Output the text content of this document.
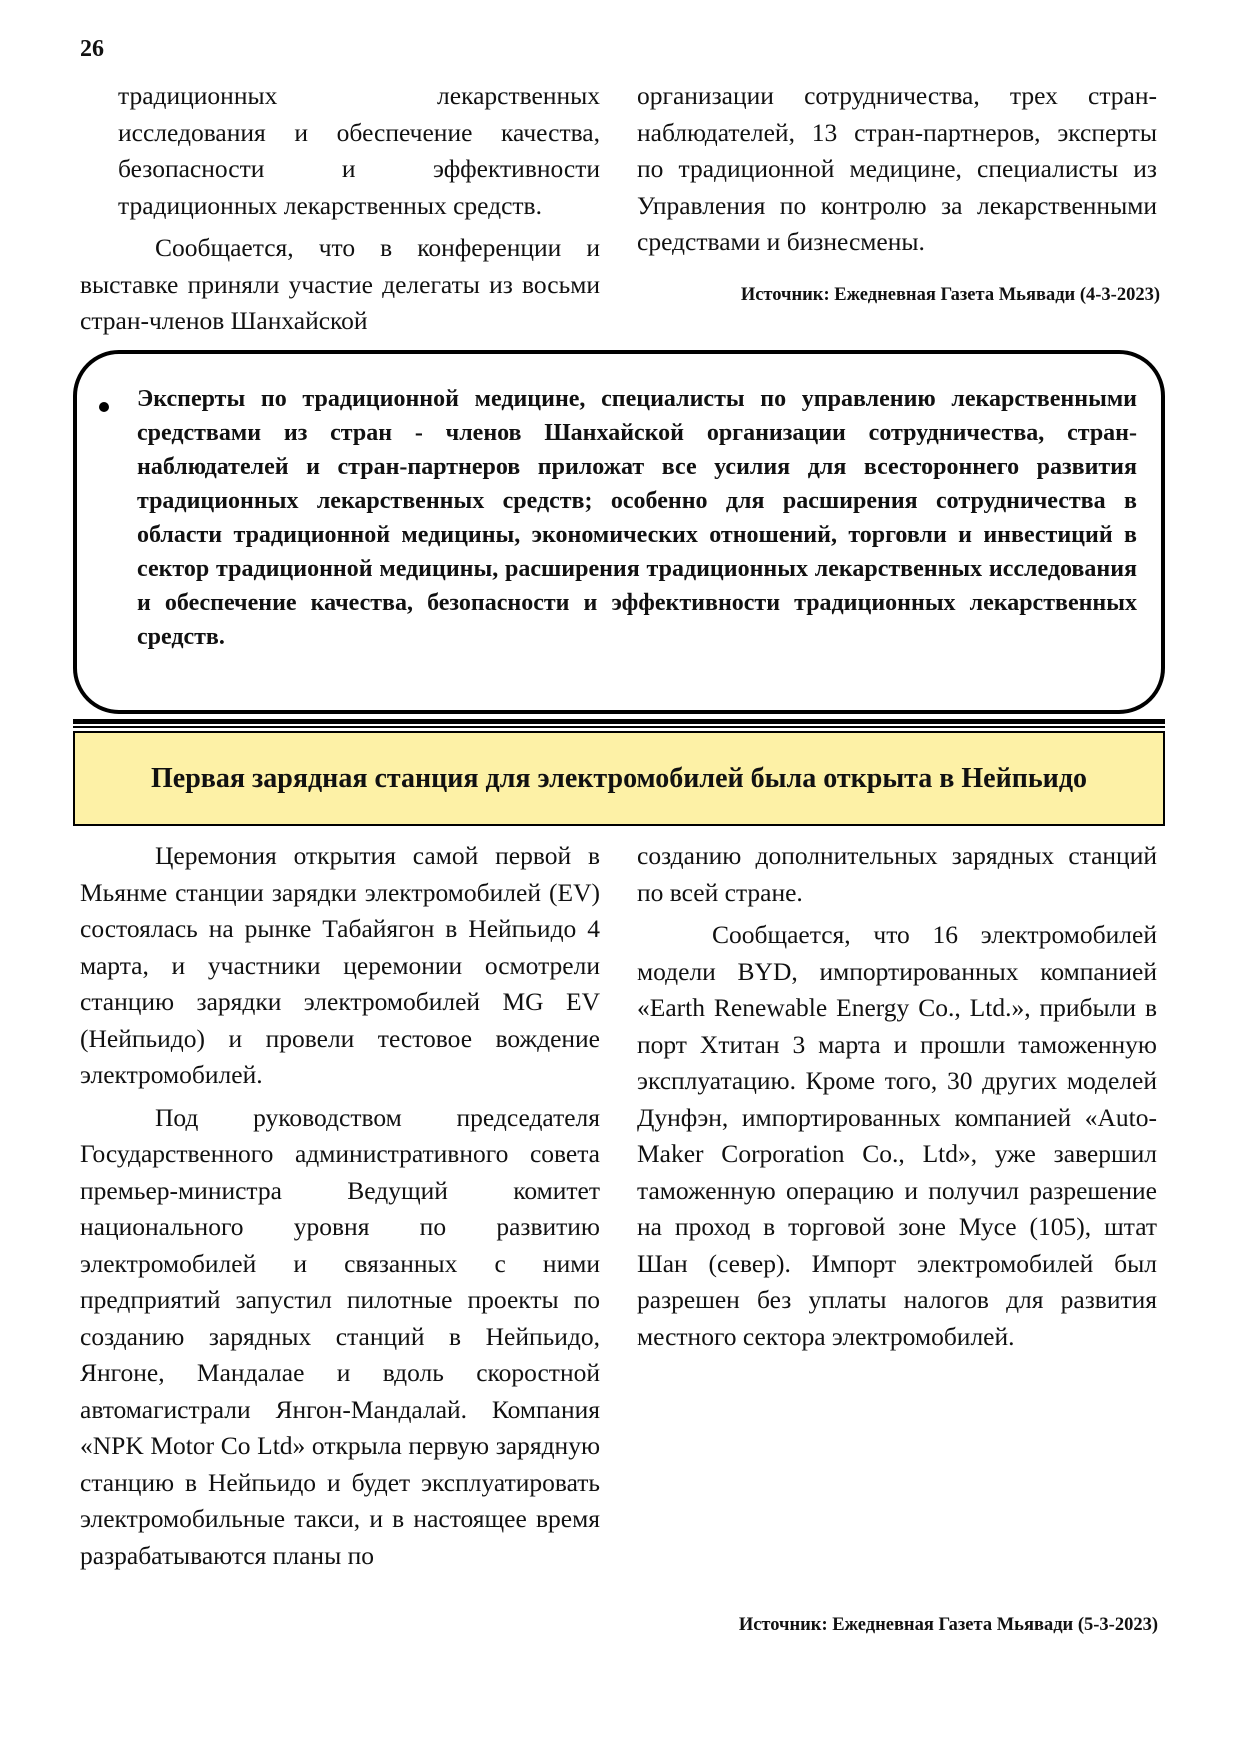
26

традиционных лекарственных исследования и обеспечение качества, безопасности и эффективности традиционных лекарственных средств.

Сообщается, что в конференции и выставке приняли участие делегаты из восьми стран-членов Шанхайской

организации сотрудничества, трех стран-наблюдателей, 13 стран-партнеров, эксперты по традиционной медицине, специалисты из Управления по контролю за лекарственными средствами и бизнесмены.

Источник: Ежедневная Газета Мьявади (4-3-2023)
Эксперты по традиционной медицине, специалисты по управлению лекарственными средствами из стран - членов Шанхайской организации сотрудничества, стран-наблюдателей и стран-партнеров приложат все усилия для всестороннего развития традиционных лекарственных средств; особенно для расширения сотрудничества в области традиционной медицины, экономических отношений, торговли и инвестиций в сектор традиционной медицины, расширения традиционных лекарственных исследования и обеспечение качества, безопасности и эффективности традиционных лекарственных средств.
Первая зарядная станция для электромобилей была открыта в Нейпьидо

Церемония открытия самой первой в Мьянме станции зарядки электромобилей (EV) состоялась на рынке Табайягон в Нейпьидо 4 марта, и участники церемонии осмотрели станцию зарядки электромобилей MG EV (Нейпьидо) и провели тестовое вождение электромобилей.

Под руководством председателя Государственного административного совета премьер-министра Ведущий комитет национального уровня по развитию электромобилей и связанных с ними предприятий запустил пилотные проекты по созданию зарядных станций в Нейпьидо, Янгоне, Мандалае и вдоль скоростной автомагистрали Янгон-Мандалай. Компания «NPK Motor Co Ltd» открыла первую зарядную станцию в Нейпьидо и будет эксплуатировать электромобильные такси, и в настоящее время разрабатываются планы по

созданию дополнительных зарядных станций по всей стране.

Сообщается, что 16 электромобилей модели BYD, импортированных компанией «Earth Renewable Energy Co., Ltd.», прибыли в порт Хтитан 3 марта и прошли таможенную эксплуатацию. Кроме того, 30 других моделей Дунфэн, импортированных компанией «Auto-Maker Corporation Co., Ltd», уже завершил таможенную операцию и получил разрешение на проход в торговой зоне Мусе (105), штат Шан (север). Импорт электромобилей был разрешен без уплаты налогов для развития местного сектора электромобилей.

Источник: Ежедневная Газета Мьявади (5-3-2023)
